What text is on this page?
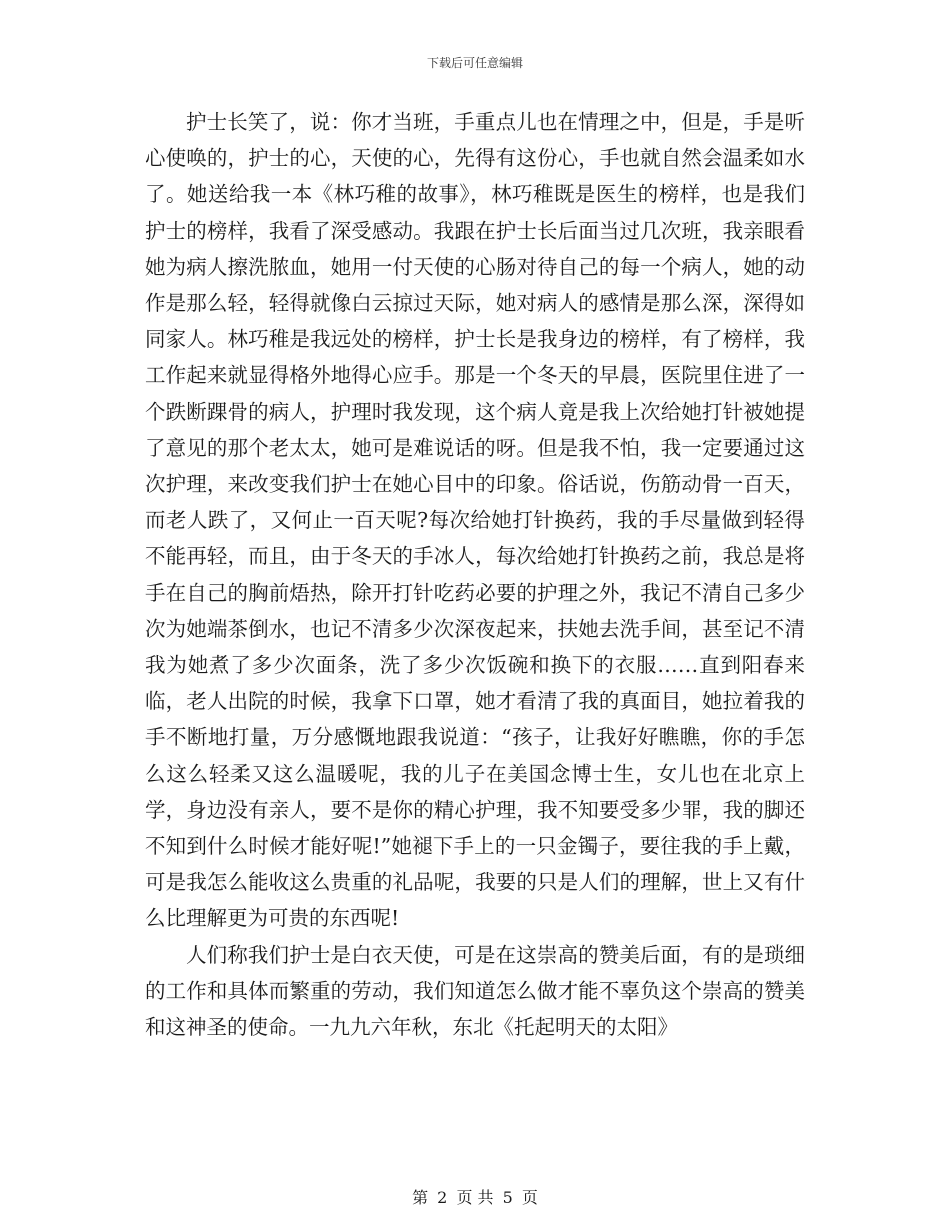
下载后可任意编辑

护士长笑了，说：你才当班，手重点儿也在情理之中，但是，手是听心使唤的，护士的心，天使的心，先得有这份心，手也就自然会温柔如水了。她送给我一本《林巧稚的故事》，林巧稚既是医生的榜样，也是我们护士的榜样，我看了深受感动。我跟在护士长后面当过几次班，我亲眼看她为病人擦洗脓血，她用一付天使的心肠对待自己的每一个病人，她的动作是那么轻，轻得就像白云掠过天际，她对病人的感情是那么深，深得如同家人。林巧稚是我远处的榜样，护士长是我身边的榜样，有了榜样，我工作起来就显得格外地得心应手。那是一个冬天的早晨，医院里住进了一个跌断踝骨的病人，护理时我发现，这个病人竟是我上次给她打针被她提了意见的那个老太太，她可是难说话的呀。但是我不怕，我一定要通过这次护理，来改变我们护士在她心目中的印象。俗话说，伤筋动骨一百天，而老人跌了，又何止一百天呢?每次给她打针换药，我的手尽量做到轻得不能再轻，而且，由于冬天的手冰人，每次给她打针换药之前，我总是将手在自己的胸前焐热，除开打针吃药必要的护理之外，我记不清自己多少次为她端茶倒水，也记不清多少次深夜起来，扶她去洗手间，甚至记不清我为她煮了多少次面条，洗了多少次饭碗和换下的衣服……直到阳春来临，老人出院的时候，我拿下口罩，她才看清了我的真面目，她拉着我的手不断地打量，万分感慨地跟我说道：“孩子，让我好好瞧瞧，你的手怎么这么轻柔又这么温暖呢，我的儿子在美国念博士生，女儿也在北京上学，身边没有亲人，要不是你的精心护理，我不知要受多少罪，我的脚还不知到什么时候才能好呢!”她褪下手上的一只金镯子，要往我的手上戴，可是我怎么能收这么贵重的礼品呢，我要的只是人们的理解，世上又有什么比理解更为可贵的东西呢!

人们称我们护士是白衣天使，可是在这崇高的赞美后面，有的是琐细的工作和具体而繁重的劳动，我们知道怎么做才能不辜负这个崇高的赞美和这神圣的使命。一九九六年秋，东北《托起明天的太阳》

第 2 页 共 5 页
